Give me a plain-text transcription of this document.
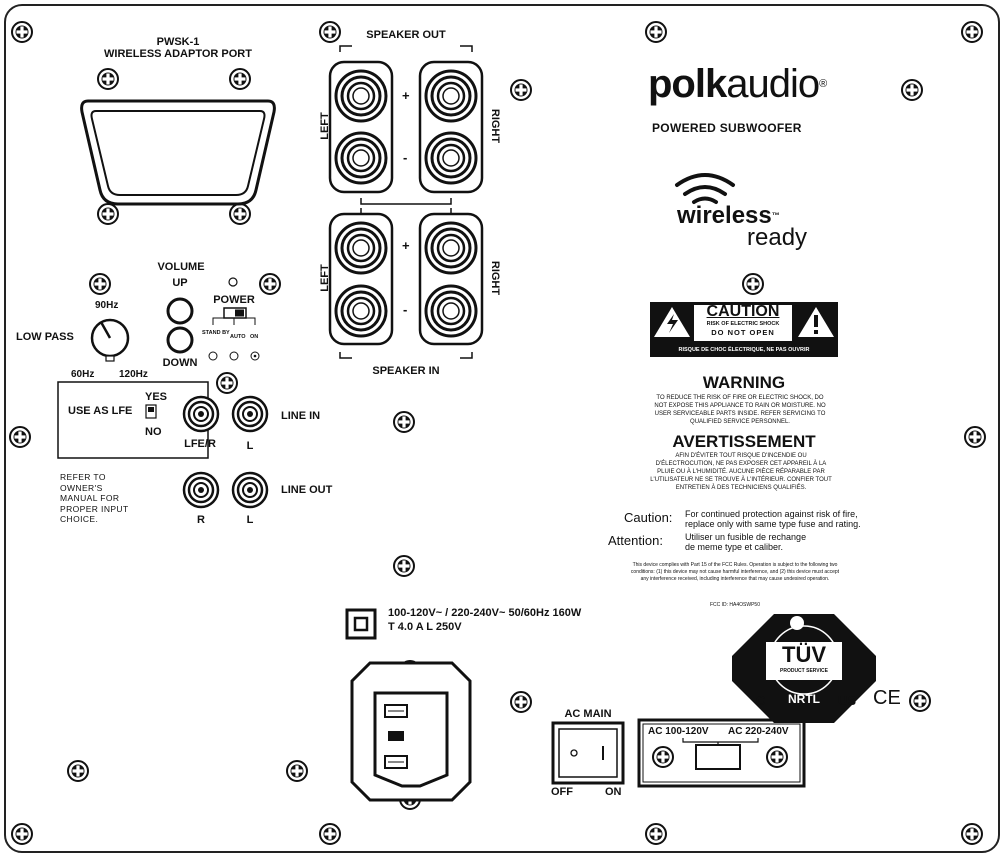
PWSK-1
WIRELESS ADAPTOR PORT
SPEAKER OUT
LEFT	RIGHT
+
-
SPEAKER IN
LEFT	RIGHT
+
-
polkaudio®
POWERED SUBWOOFER
wireless™
ready
VOLUME
UP
DOWN
POWER
STAND BY
AUTO ON
90Hz
LOW PASS
60Hz 120Hz
USE AS LFE
YES
NO
LFE/R	L
LINE IN
R	L
LINE OUT
REFER TO
OWNER'S
MANUAL FOR
PROPER INPUT
CHOICE.
CAUTION
RISK OF ELECTRIC SHOCK
DO NOT OPEN
RISQUE DE CHOC ÉLECTRIQUE, NE PAS OUVRIR
WARNING
TO REDUCE THE RISK OF FIRE OR ELECTRIC SHOCK, DO NOT EXPOSE THIS APPLIANCE TO RAIN OR MOISTURE. NO USER SERVICEABLE PARTS INSIDE. REFER SERVICING TO QUALIFIED SERVICE PERSONNEL.
AVERTISSEMENT
AFIN D'ÉVITER TOUT RISQUE D'INCENDIE OU D'ÉLECTROCUTION, NE PAS EXPOSER CET APPAREIL À LA PLUIE OU À L'HUMIDITÉ. AUCUNE PIÈCE RÉPARABLE PAR L'UTILISATEUR NE SE TROUVE À L'INTÉRIEUR. CONFIER TOUT ENTRETIEN À DES TECHNICIENS QUALIFIÉS.
Caution: For continued protection against risk of fire,
replace only with same type fuse and rating.
Attention: Utiliser un fusible de rechange
de meme type et caliber.
This device complies with Part 15 of the FCC Rules. Operation is subject to the following two conditions: (1) this device may not cause harmful interference, and (2) this device must accept any interference received, including interference that may cause undesired operation.
FCC ID: HA4OSWP50
100-120V~ / 220-240V~ 50/60Hz 160W
T 4.0 A L 250V
TÜV
PRODUCT SERVICE
NRTL
C	US CE
AC MAIN
OFF	ON
AC 100-120V AC 220-240V
